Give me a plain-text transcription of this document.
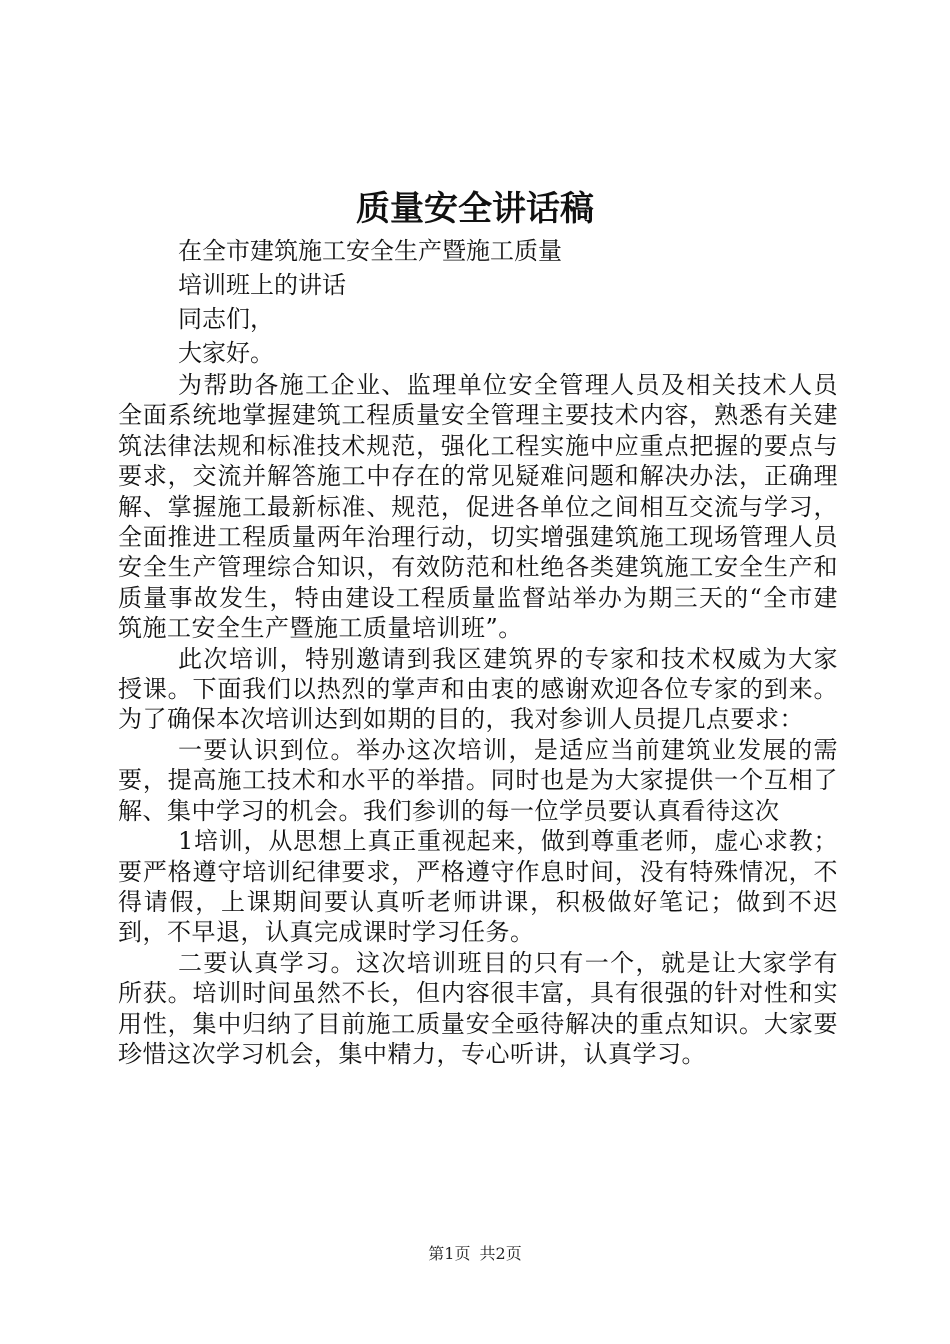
质量安全讲话稿

在全市建筑施工安全生产暨施工质量

培训班上的讲话

同志们，

大家好。

为帮助各施工企业、监理单位安全管理人员及相关技术人员全面系统地掌握建筑工程质量安全管理主要技术内容，熟悉有关建筑法律法规和标准技术规范，强化工程实施中应重点把握的要点与要求，交流并解答施工中存在的常见疑难问题和解决办法，正确理解、掌握施工最新标准、规范，促进各单位之间相互交流与学习，全面推进工程质量两年治理行动，切实增强建筑施工现场管理人员安全生产管理综合知识，有效防范和杜绝各类建筑施工安全生产和质量事故发生，特由建设工程质量监督站举办为期三天的“全市建筑施工安全生产暨施工质量培训班”。

此次培训，特别邀请到我区建筑界的专家和技术权威为大家授课。下面我们以热烈的掌声和由衷的感谢欢迎各位专家的到来。为了确保本次培训达到如期的目的，我对参训人员提几点要求：

一要认识到位。举办这次培训，是适应当前建筑业发展的需要，提高施工技术和水平的举措。同时也是为大家提供一个互相了解、集中学习的机会。我们参训的每一位学员要认真看待这次

1培训，从思想上真正重视起来，做到尊重老师，虚心求教；要严格遵守培训纪律要求，严格遵守作息时间，没有特殊情况，不得请假，上课期间要认真听老师讲课，积极做好笔记；做到不迟到，不早退，认真完成课时学习任务。

二要认真学习。这次培训班目的只有一个，就是让大家学有所获。培训时间虽然不长，但内容很丰富，具有很强的针对性和实用性，集中归纳了目前施工质量安全亟待解决的重点知识。大家要珍惜这次学习机会，集中精力，专心听讲，认真学习。

第1页 共2页
